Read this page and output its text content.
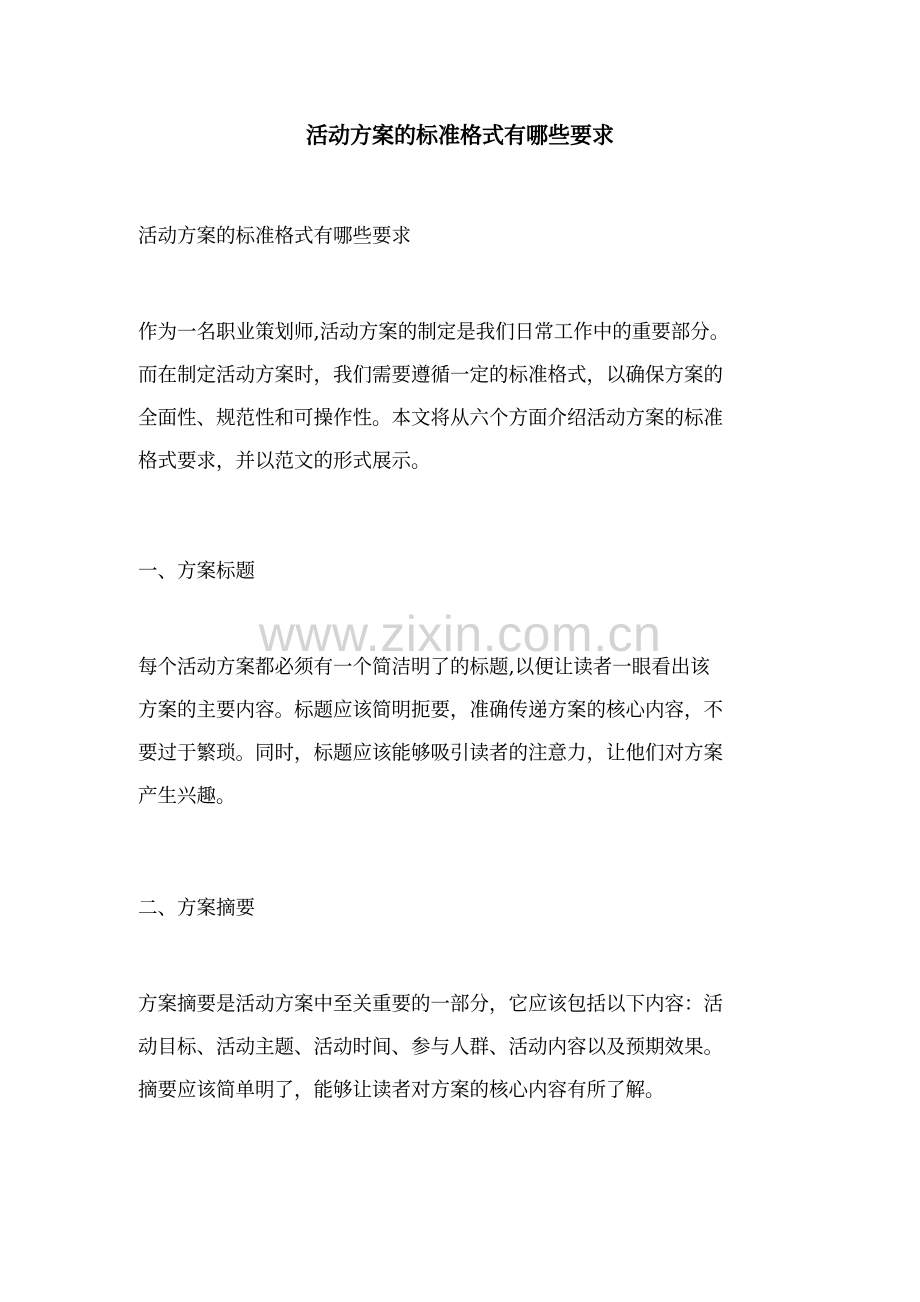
活动方案的标准格式有哪些要求

活动方案的标准格式有哪些要求

作为一名职业策划师,活动方案的制定是我们日常工作中的重要部分。
而在制定活动方案时，我们需要遵循一定的标准格式，以确保方案的
全面性、规范性和可操作性。本文将从六个方面介绍活动方案的标准
格式要求，并以范文的形式展示。

一、方案标题

www.zixin.com.cn

每个活动方案都必须有一个简洁明了的标题,以便让读者一眼看出该
方案的主要内容。标题应该简明扼要，准确传递方案的核心内容，不
要过于繁琐。同时，标题应该能够吸引读者的注意力，让他们对方案
产生兴趣。

二、方案摘要

方案摘要是活动方案中至关重要的一部分，它应该包括以下内容：活
动目标、活动主题、活动时间、参与人群、活动内容以及预期效果。
摘要应该简单明了，能够让读者对方案的核心内容有所了解。
